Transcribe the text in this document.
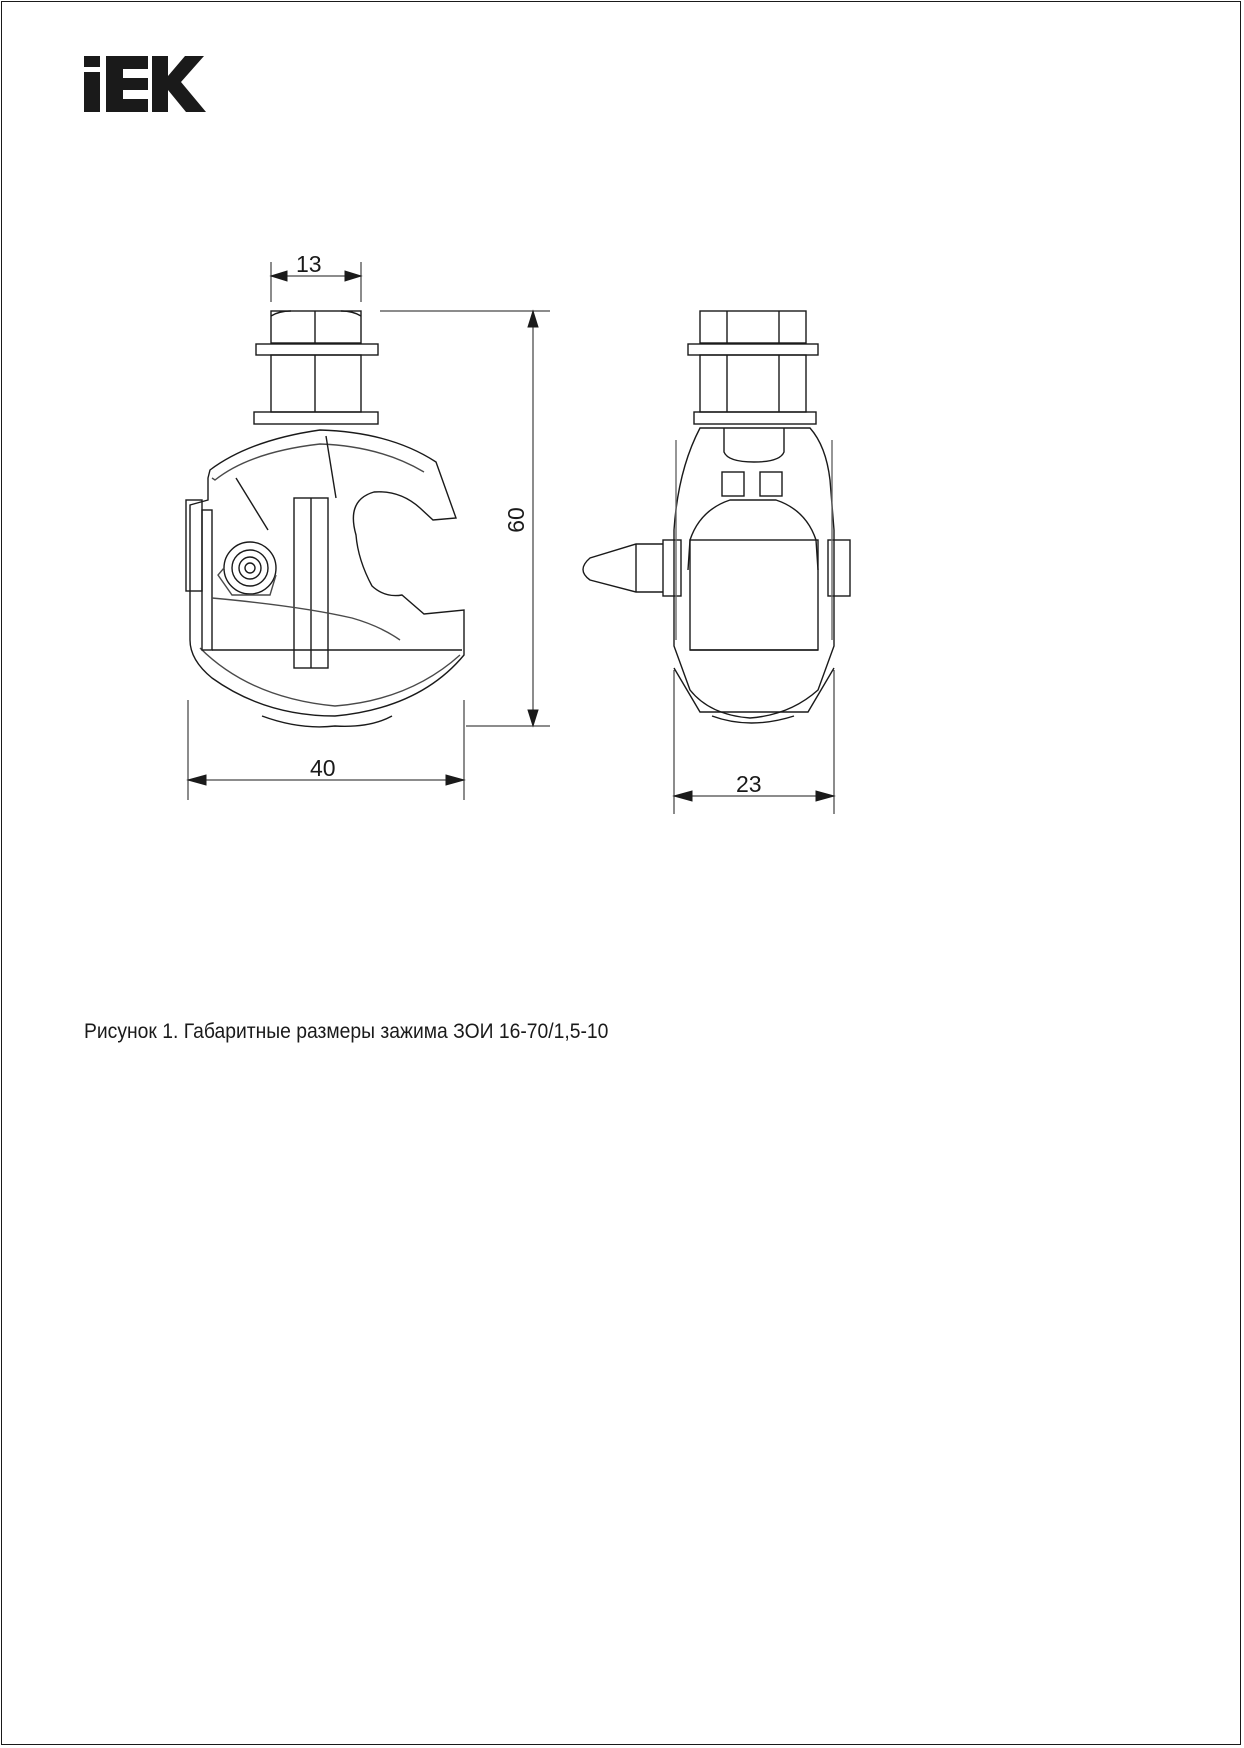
13
60
40
23
Рисунок 1. Габаритные размеры зажима ЗОИ 16-70/1,5-10
